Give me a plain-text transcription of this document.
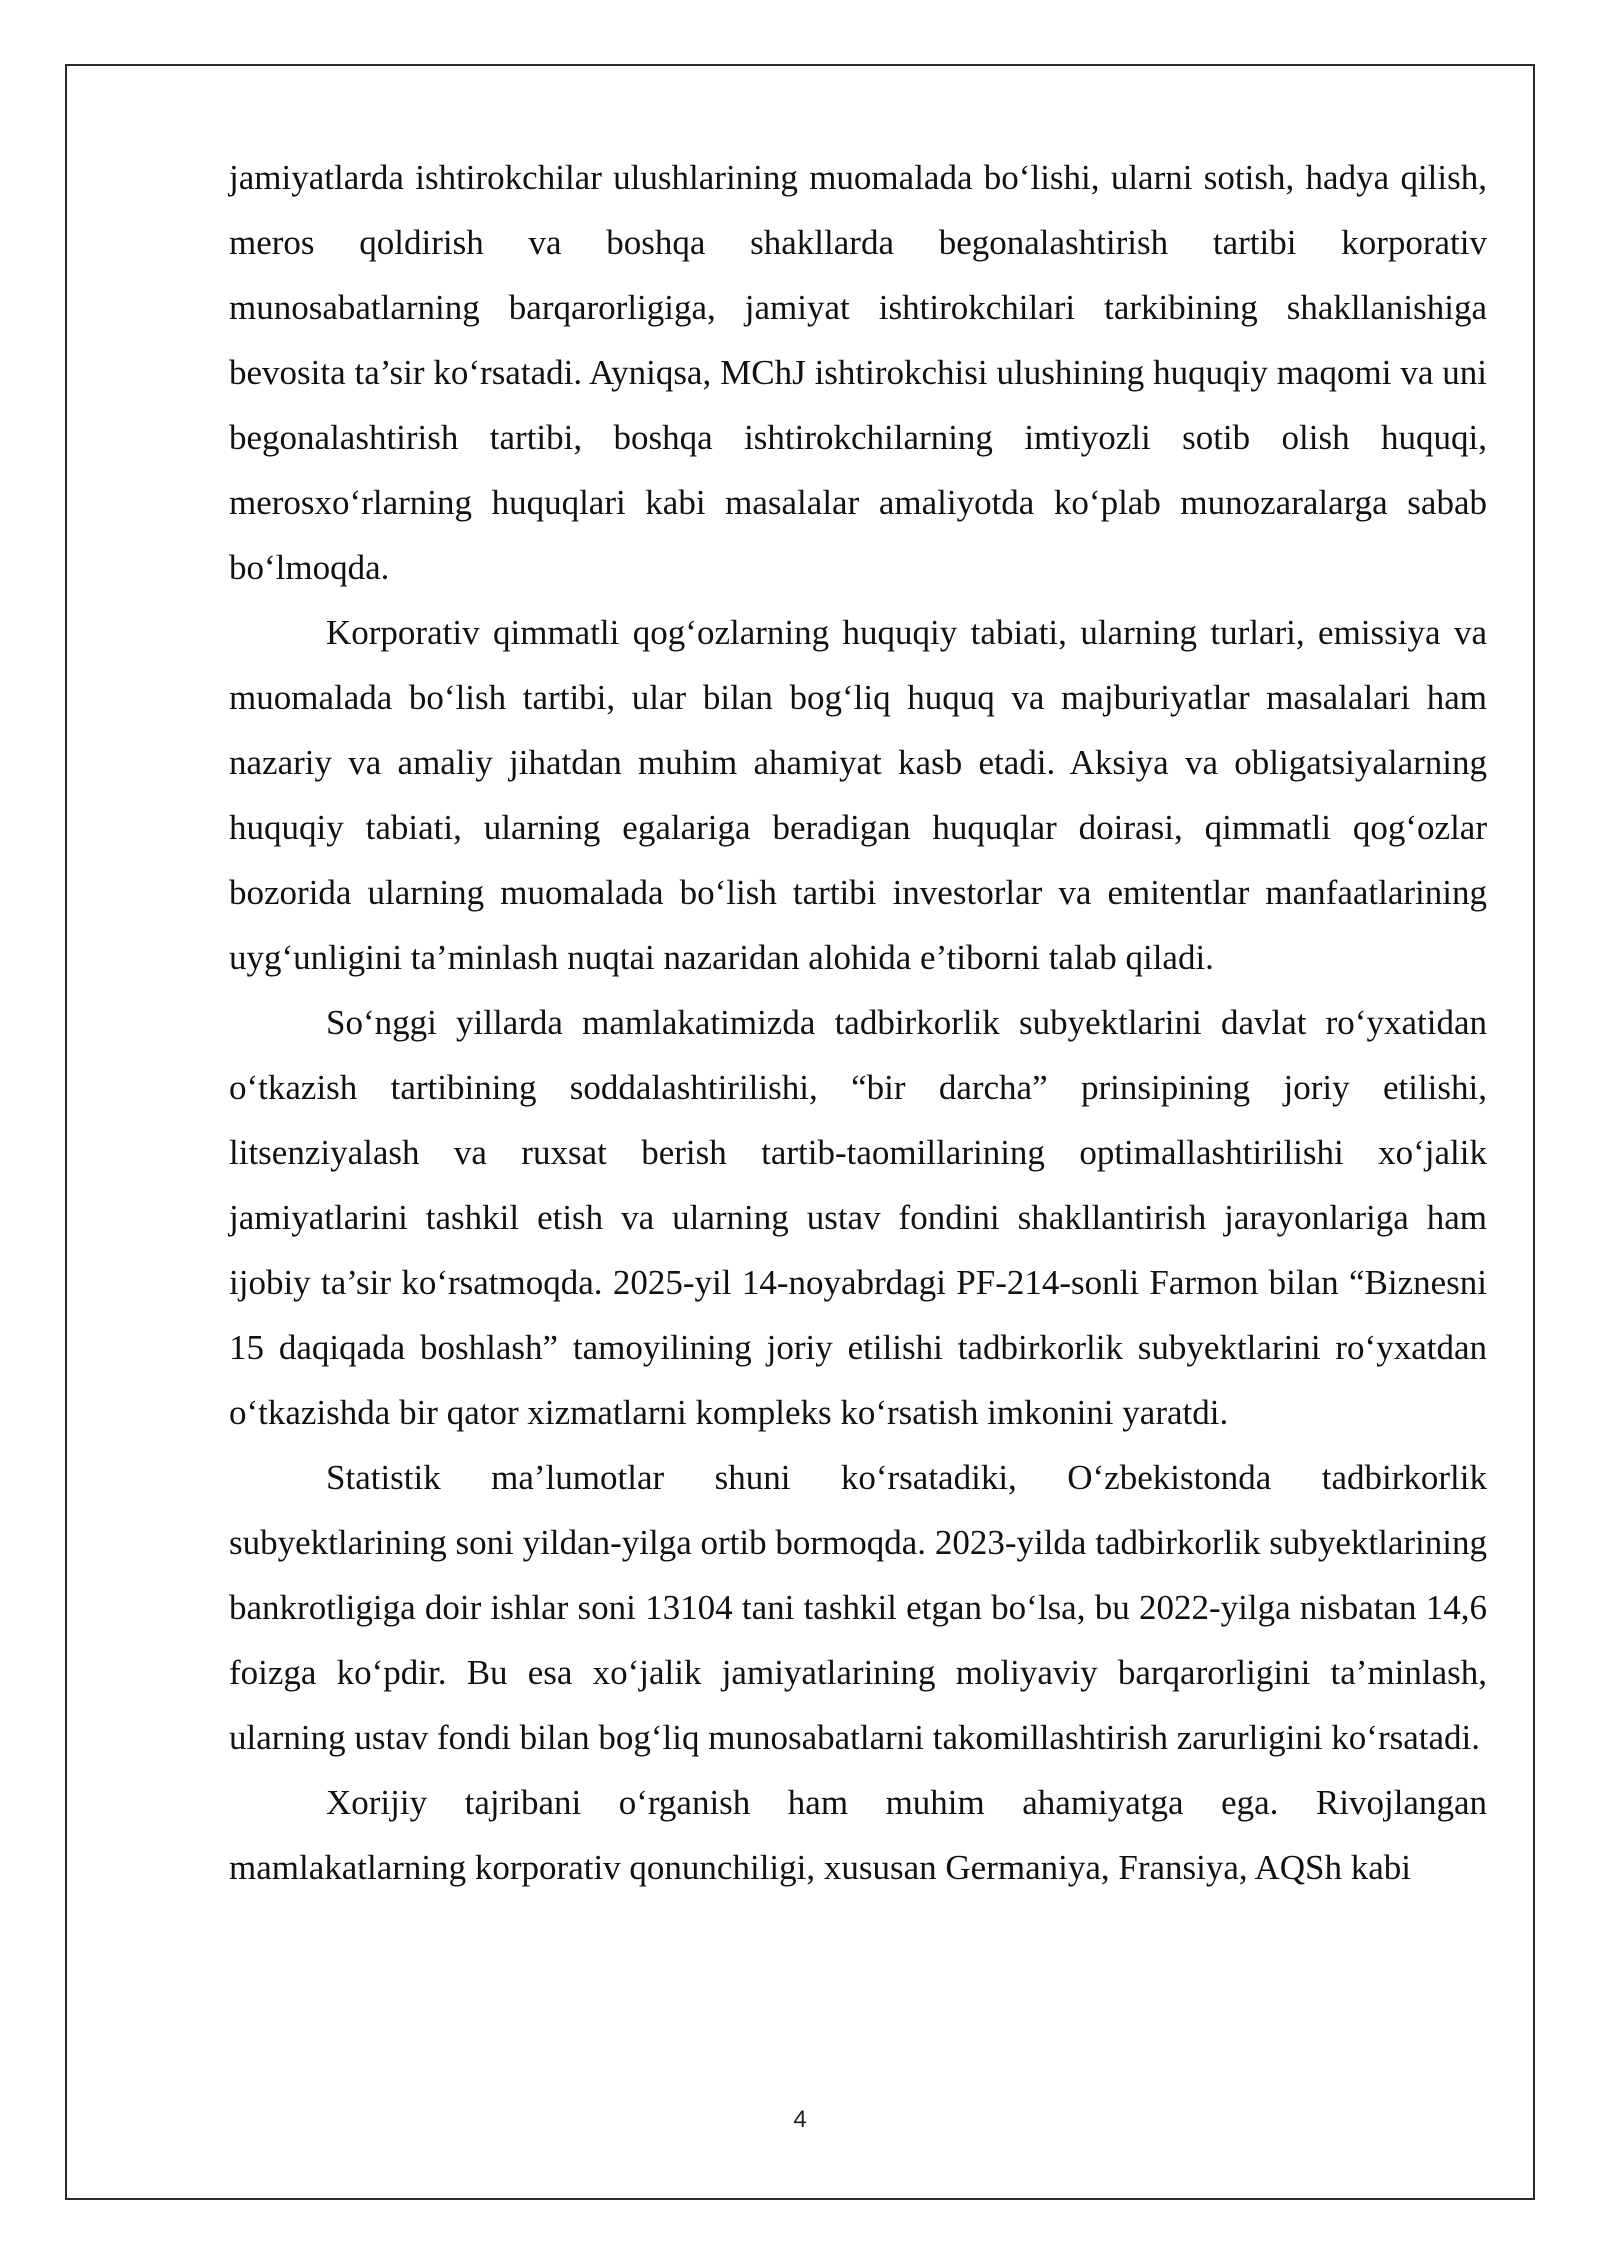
jamiyatlarda ishtirokchilar ulushlarining muomalada bo‘lishi, ularni sotish, hadya qilish, meros qoldirish va boshqa shakllarda begonalashtirish tartibi korporativ munosabatlarning barqarorligiga, jamiyat ishtirokchilari tarkibining shakllanishiga bevosita ta’sir ko‘rsatadi. Ayniqsa, MChJ ishtirokchisi ulushining huquqiy maqomi va uni begonalashtirish tartibi, boshqa ishtirokchilarning imtiyozli sotib olish huquqi, merosxo‘rlarning huquqlari kabi masalalar amaliyotda ko‘plab munozaralarga sabab bo‘lmoqda.

Korporativ qimmatli qog‘ozlarning huquqiy tabiati, ularning turlari, emissiya va muomalada bo‘lish tartibi, ular bilan bog‘liq huquq va majburiyatlar masalalari ham nazariy va amaliy jihatdan muhim ahamiyat kasb etadi. Aksiya va obligatsiyalarning huquqiy tabiati, ularning egalariga beradigan huquqlar doirasi, qimmatli qog‘ozlar bozorida ularning muomalada bo‘lish tartibi investorlar va emitentlar manfaatlarining uyg‘unligini ta’minlash nuqtai nazaridan alohida e’tiborni talab qiladi.

So‘nggi yillarda mamlakatimizda tadbirkorlik subyektlarini davlat ro‘yxatidan o‘tkazish tartibining soddalashtirilishi, “bir darcha” prinsipining joriy etilishi, litsenziyalash va ruxsat berish tartib-taomillarining optimallashtirilishi xo‘jalik jamiyatlarini tashkil etish va ularning ustav fondini shakllantirish jarayonlariga ham ijobiy ta’sir ko‘rsatmoqda. 2025-yil 14-noyabrdagi PF-214-sonli Farmon bilan “Biznesni 15 daqiqada boshlash” tamoyilining joriy etilishi tadbirkorlik subyektlarini ro‘yxatdan o‘tkazishda bir qator xizmatlarni kompleks ko‘rsatish imkonini yaratdi.

Statistik ma’lumotlar shuni ko‘rsatadiki, O‘zbekistonda tadbirkorlik subyektlarining soni yildan-yilga ortib bormoqda. 2023-yilda tadbirkorlik subyektlarining bankrotligiga doir ishlar soni 13104 tani tashkil etgan bo‘lsa, bu 2022-yilga nisbatan 14,6 foizga ko‘pdir. Bu esa xo‘jalik jamiyatlarining moliyaviy barqarorligini ta’minlash, ularning ustav fondi bilan bog‘liq munosabatlarni takomillashtirish zarurligini ko‘rsatadi.

Xorijiy tajribani o‘rganish ham muhim ahamiyatga ega. Rivojlangan mamlakatlarning korporativ qonunchiligi, xususan Germaniya, Fransiya, AQSh kabi

4
